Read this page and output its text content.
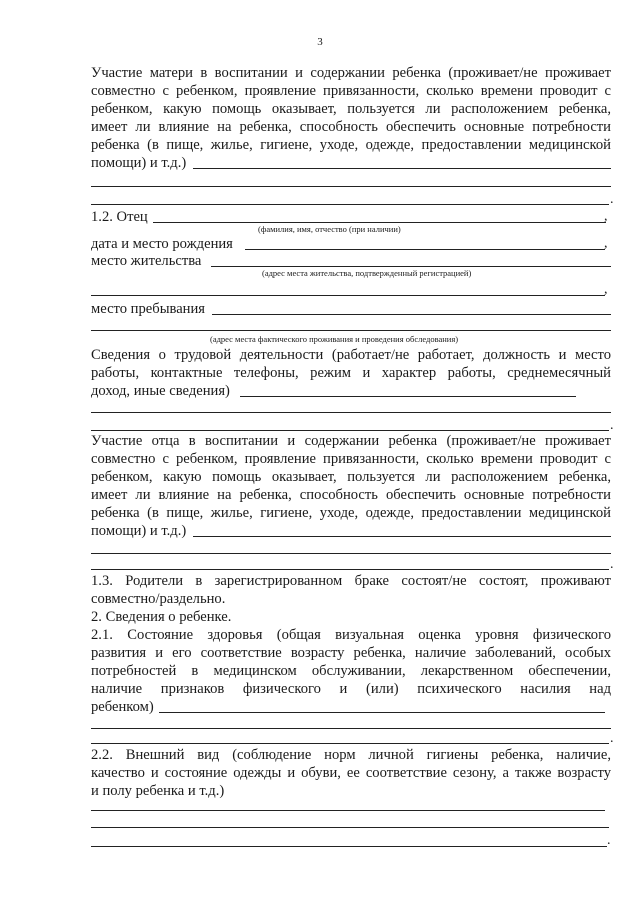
3
Участие матери в воспитании и содержании ребенка (проживает/не проживает
совместно с ребенком, проявление привязанности, сколько времени проводит с
ребенком, какую помощь оказывает, пользуется ли расположением ребенка,
имеет ли влияние на ребенка, способность обеспечить основные потребности
ребенка (в пище, жилье, гигиене, уходе, одежде, предоставлении медицинской
помощи) и т.д.)
.
1.2. Отец	,
(фамилия, имя, отчество (при наличии)
дата и место рождения	,
место жительства
(адрес места жительства, подтвержденный регистрацией)
,
место пребывания
(адрес места фактического проживания и проведения обследования)
Сведения о трудовой деятельности (работает/не работает, должность и место
работы, контактные телефоны, режим и характер работы, среднемесячный
доход, иные сведения)
.
Участие отца в воспитании и содержании ребенка (проживает/не проживает
совместно с ребенком, проявление привязанности, сколько времени проводит с
ребенком, какую помощь оказывает, пользуется ли расположением ребенка,
имеет ли влияние на ребенка, способность обеспечить основные потребности
ребенка (в пище, жилье, гигиене, уходе, одежде, предоставлении медицинской
помощи) и т.д.)
.
1.3. Родители в зарегистрированном браке состоят/не состоят, проживают
совместно/раздельно.
2. Сведения о ребенке.
2.1. Состояние здоровья (общая визуальная оценка уровня физического
развития и его соответствие возрасту ребенка, наличие заболеваний, особых
потребностей в медицинском обслуживании, лекарственном обеспечении,
наличие признаков физического и (или) психического насилия над
ребенком)
.
2.2. Внешний вид (соблюдение норм личной гигиены ребенка, наличие,
качество и состояние одежды и обуви, ее соответствие сезону, а также возрасту
и полу ребенка и т.д.)
.
